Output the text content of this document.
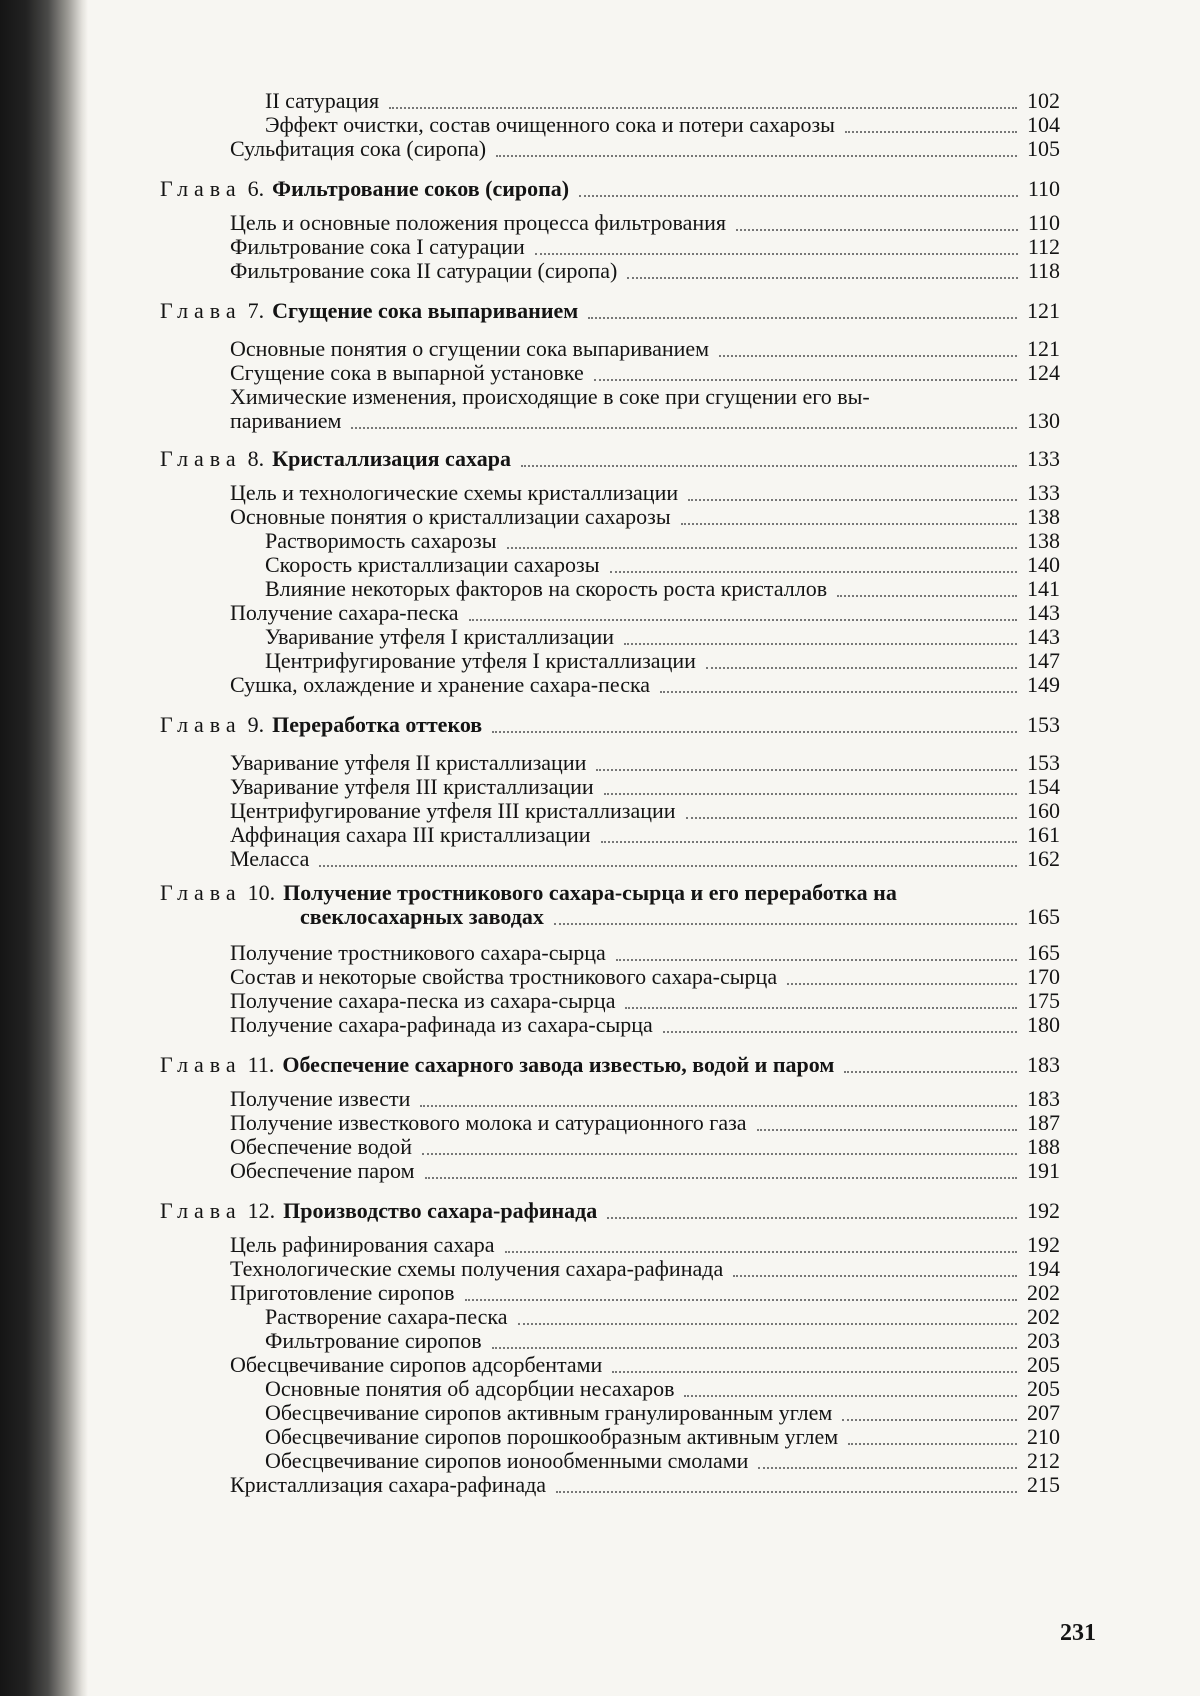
II сатурация	102
Эффект очистки, состав очищенного сока и потери сахарозы	104
Сульфитация сока (сиропа)	105
Глава 6. Фильтрование соков (сиропа)	110
Цель и основные положения процесса фильтрования	110
Фильтрование сока I сатурации	112
Фильтрование сока II сатурации (сиропа)	118
Глава 7. Сгущение сока выпариванием	121
Основные понятия о сгущении сока выпариванием	121
Сгущение сока в выпарной установке	124
Химические изменения, происходящие в соке при сгущении его вы-
париванием	130
Глава 8. Кристаллизация сахара	133
Цель и технологические схемы кристаллизации	133
Основные понятия о кристаллизации сахарозы	138
Растворимость сахарозы	138
Скорость кристаллизации сахарозы	140
Влияние некоторых факторов на скорость роста кристаллов	141
Получение сахара-песка	143
Уваривание утфеля I кристаллизации	143
Центрифугирование утфеля I кристаллизации	147
Сушка, охлаждение и хранение сахара-песка	149
Глава 9. Переработка оттеков	153
Уваривание утфеля II кристаллизации	153
Уваривание утфеля III кристаллизации	154
Центрифугирование утфеля III кристаллизации	160
Аффинация сахара III кристаллизации	161
Меласса	162
Глава 10. Получение тростникового сахара-сырца и его переработка на
свеклосахарных заводах	165
Получение тростникового сахара-сырца	165
Состав и некоторые свойства тростникового сахара-сырца	170
Получение сахара-песка из сахара-сырца	175
Получение сахара-рафинада из сахара-сырца	180
Глава 11. Обеспечение сахарного завода известью, водой и паром	183
Получение извести	183
Получение известкового молока и сатурационного газа	187
Обеспечение водой	188
Обеспечение паром	191
Глава 12. Производство сахара-рафинада	192
Цель рафинирования сахара	192
Технологические схемы получения сахара-рафинада	194
Приготовление сиропов	202
Растворение сахара-песка	202
Фильтрование сиропов	203
Обесцвечивание сиропов адсорбентами	205
Основные понятия об адсорбции несахаров	205
Обесцвечивание сиропов активным гранулированным углем	207
Обесцвечивание сиропов порошкообразным активным углем	210
Обесцвечивание сиропов ионообменными смолами	212
Кристаллизация сахара-рафинада	215
231
